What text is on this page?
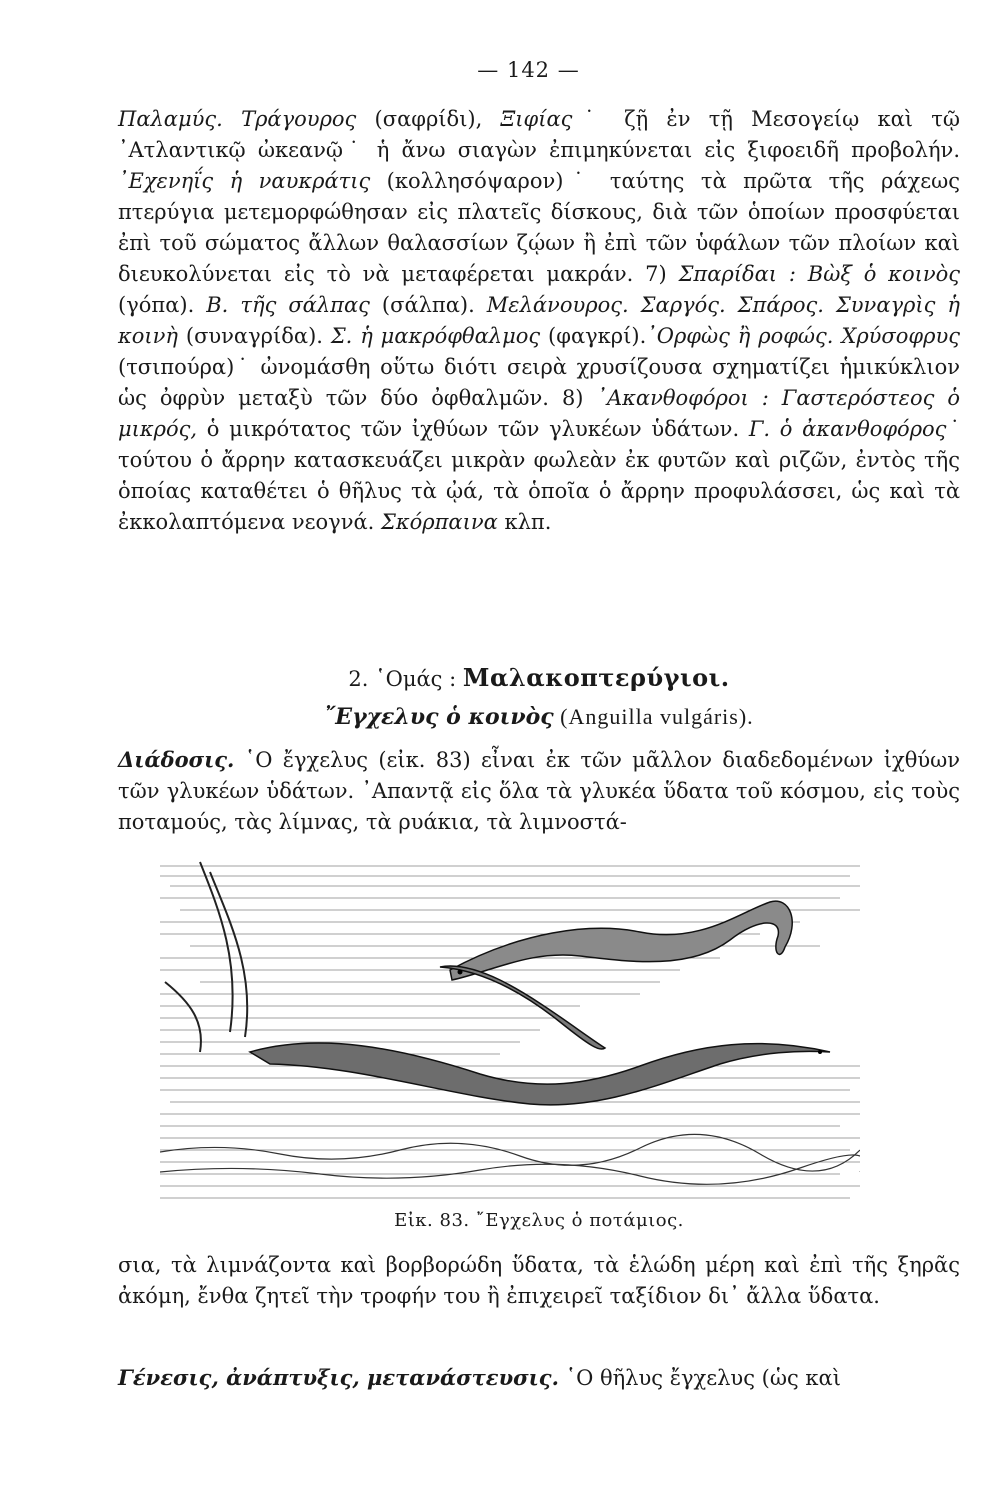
— 142 —

Παλαμύς. Τράγουρος (σαφρίδι), Ξιφίας˙ ζῇ ἐν τῇ Μεσογείῳ καὶ τῷ ᾿Ατλαντικῷ ὠκεανῷ˙ ἡ ἄνω σιαγὼν ἐπιμηκύνεται εἰς ξιφοειδῆ προβολήν. ᾿Εχενηΐς ἡ ναυκράτις (κολλησόψαρον)˙ ταύτης τὰ πρῶτα τῆς ράχεως πτερύγια μετεμορφώθησαν εἰς πλατεῖς δίσκους, διὰ τῶν ὁποίων προσφύεται ἐπὶ τοῦ σώματος ἄλλων θαλασσίων ζῴων ἢ ἐπὶ τῶν ὑφάλων τῶν πλοίων καὶ διευκολύνεται εἰς τὸ νὰ μεταφέρεται μακράν. 7) Σπαρίδαι : Βὼξ ὁ κοινὸς (γόπα). Β. τῆς σάλπας (σάλπα). Μελάνουρος. Σαργός. Σπάρος. Συναγρὶς ἡ κοινὴ (συναγρίδα). Σ. ἡ μακρόφθαλμος (φαγκρί).᾿Ορφὼς ἢ ροφώς. Χρύσοφρυς (τσιπούρα)˙ ὠνομάσθη οὕτω διότι σειρὰ χρυσίζουσα σχηματίζει ἡμικύκλιον ὡς ὀφρὺν μεταξὺ τῶν δύο ὀφθαλμῶν. 8) ᾿Ακανθοφόροι : Γαστερόστεος ὁ μικρός, ὁ μικρότατος τῶν ἰχθύων τῶν γλυκέων ὑδάτων. Γ. ὁ ἀκανθοφόρος˙ τούτου ὁ ἄρρην κατασκευάζει μικρὰν φωλεὰν ἐκ φυτῶν καὶ ριζῶν, ἐντὸς τῆς ὁποίας καταθέτει ὁ θῆλυς τὰ ᾠά, τὰ ὁποῖα ὁ ἄρρην προφυλάσσει, ὡς καὶ τὰ ἐκκολαπτόμενα νεογνά. Σκόρπαινα κλπ.

2. ῾Ομάς : Μαλακοπτερύγιοι.
῎Εγχελυς ὁ κοινὸς (Anguilla vulgáris).

Διάδοσις. ῾Ο ἔγχελυς (εἰκ. 83) εἶναι ἐκ τῶν μᾶλλον διαδεδομένων ἰχθύων τῶν γλυκέων ὑδάτων. ᾿Απαντᾷ εἰς ὅλα τὰ γλυκέα ὕδατα τοῦ κόσμου, εἰς τοὺς ποταμούς, τὰς λίμνας, τὰ ρυάκια, τὰ λιμνοστά-

Εἰκ. 83. ῎Εγχελυς ὁ ποτάμιος.

σια, τὰ λιμνάζοντα καὶ βορβορώδη ὕδατα, τὰ ἑλώδη μέρη καὶ ἐπὶ τῆς ξηρᾶς ἀκόμη, ἔνθα ζητεῖ τὴν τροφήν του ἢ ἐπιχειρεῖ ταξίδιον δι᾿ ἄλλα ὕδατα.

Γένεσις, ἀνάπτυξις, μετανάστευσις. ῾Ο θῆλυς ἔγχελυς (ὡς καὶ
